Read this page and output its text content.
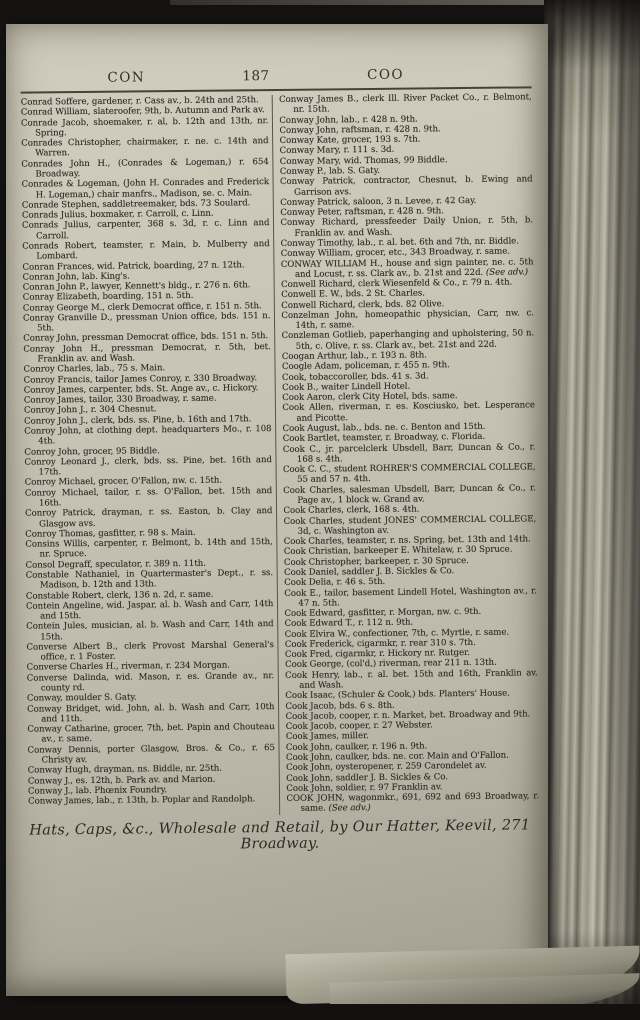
CON	187	COO

Conrad Soffere, gardener, r. Cass av., b. 24th and 25th.

Conrad William, slateroofer, 9th, b. Autumn and Park av.

Conrade Jacob, shoemaker, r. al, b. 12th and 13th, nr. Spring.

Conrades Christopher, chairmaker, r. ne. c. 14th and Warren.

Conrades John H., (Conrades & Logeman,) r. 654 Broadway.

Conrades & Logeman, (John H. Conrades and Frederick H. Logeman,) chair manfrs., Madison, se. c. Main.

Conrade Stephen, saddletreemaker, bds. 73 Soulard.

Conrads Julius, boxmaker, r. Carroll, c. Linn.

Conrads Julius, carpenter, 368 s. 3d, r. c. Linn and Carroll.

Conrads Robert, teamster, r. Main, b. Mulberry and Lombard.

Conran Frances, wid. Patrick, boarding, 27 n. 12th.

Conran John, lab. King's.

Conran John P., lawyer, Kennett's bldg., r. 276 n. 6th.

Conray Elizabeth, boarding, 151 n. 5th.

Conray George M., clerk Democrat office, r. 151 n. 5th.

Conray Granville D., pressman Union office, bds. 151 n. 5th.

Conray John, pressman Democrat office, bds. 151 n. 5th.

Conray John H., pressman Democrat, r. 5th, bet. Franklin av. and Wash.

Conroy Charles, lab., 75 s. Main.

Conroy Francis, tailor James Conroy, r. 330 Broadway.

Conroy James, carpenter, bds. St. Ange av., c. Hickory.

Conroy James, tailor, 330 Broadway, r. same.

Conroy John J., r. 304 Chesnut.

Conroy John J., clerk, bds. ss. Pine, b. 16th and 17th.

Conroy John, at clothing dept. headquarters Mo., r. 108 4th.

Conroy John, grocer, 95 Biddle.

Conroy Leonard J., clerk, bds. ss. Pine, bet. 16th and 17th.

Conroy Michael, grocer, O'Fallon, nw. c. 15th.

Conroy Michael, tailor, r. ss. O'Fallon, bet. 15th and 16th.

Conroy Patrick, drayman, r. ss. Easton, b. Clay and Glasgow avs.

Conroy Thomas, gasfitter, r. 98 s. Main.

Consins Willis, carpenter, r. Belmont, b. 14th and 15th, nr. Spruce.

Consol Degraff, speculator, r. 389 n. 11th.

Constable Nathaniel, in Quartermaster's Dept., r. ss. Madison, b. 12th and 13th.

Constable Robert, clerk, 136 n. 2d, r. same.

Contein Angeline, wid. Jaspar, al. b. Wash and Carr, 14th and 15th.

Contein Jules, musician, al. b. Wash and Carr, 14th and 15th.

Converse Albert B., clerk Provost Marshal General's office, r. 1 Foster.

Converse Charles H., riverman, r. 234 Morgan.

Converse Dalinda, wid. Mason, r. es. Grande av., nr. county rd.

Conway, moulder S. Gaty.

Conway Bridget, wid. John, al. b. Wash and Carr, 10th and 11th.

Conway Catharine, grocer, 7th, bet. Papin and Chouteau av., r. same.

Conway Dennis, porter Glasgow, Bros. & Co., r. 65 Christy av.

Conway Hugh, drayman, ns. Biddle, nr. 25th.

Conway J., es. 12th, b. Park av. and Marion.

Conway J., lab. Phœnix Foundry.

Conway James, lab., r. 13th, b. Poplar and Randolph.

Conway James B., clerk Ill. River Packet Co., r. Belmont, nr. 15th.

Conway John, lab., r. 428 n. 9th.

Conway John, raftsman, r. 428 n. 9th.

Conway Kate, grocer, 193 s. 7th.

Conway Mary, r. 111 s. 3d.

Conway Mary, wid. Thomas, 99 Biddle.

Conway P., lab. S. Gaty.

Conway Patrick, contractor, Chesnut, b. Ewing and Garrison avs.

Conway Patrick, saloon, 3 n. Levee, r. 42 Gay.

Conway Peter, raftsman, r. 428 n. 9th.

Conway Richard, pressfeeder Daily Union, r. 5th, b. Franklin av. and Wash.

Conway Timothy, lab., r. al. bet. 6th and 7th, nr. Biddle.

Conway William, grocer, etc., 343 Broadway, r. same.

CONWAY WILLIAM H., house and sign painter, ne. c. 5th and Locust, r. ss. Clark av., b. 21st and 22d. (See adv.)

Conwell Richard, clerk Wiesenfeld & Co., r. 79 n. 4th.

Conwell E. W., bds. 2 St. Charles.

Conwell Richard, clerk, bds. 82 Olive.

Conzelman John, homeopathic physician, Carr, nw. c. 14th, r. same.

Conzleman Gotlieb, paperhanging and upholstering, 50 n. 5th, c. Olive, r. ss. Clark av., bet. 21st and 22d.

Coogan Arthur, lab., r. 193 n. 8th.

Coogle Adam, policeman, r. 455 n. 9th.

Cook, tobaccoroller, bds. 41 s. 3d.

Cook B., waiter Lindell Hotel.

Cook Aaron, clerk City Hotel, bds. same.

Cook Allen, riverman, r. es. Kosciusko, bet. Lesperance and Picotte.

Cook August, lab., bds. ne. c. Benton and 15th.

Cook Bartlet, teamster, r. Broadway, c. Florida.

Cook C., jr. parcelclerk Ubsdell, Barr, Duncan & Co., r. 168 s. 4th.

Cook C. C., student ROHRER'S COMMERCIAL COLLEGE, 55 and 57 n. 4th.

Cook Charles, salesman Ubsdell, Barr, Duncan & Co., r. Page av., 1 block w. Grand av.

Cook Charles, clerk, 168 s. 4th.

Cook Charles, student JONES' COMMERCIAL COLLEGE, 3d, c. Washington av.

Cook Charles, teamster, r. ns. Spring, bet. 13th and 14th.

Cook Christian, barkeeper E. Whitelaw, r. 30 Spruce.

Cook Christopher, barkeeper, r. 30 Spruce.

Cook Daniel, saddler J. B. Sickles & Co.

Cook Delia, r. 46 s. 5th.

Cook E., tailor, basement Lindell Hotel, Washington av., r. 47 n. 5th.

Cook Edward, gasfitter, r. Morgan, nw. c. 9th.

Cook Edward T., r. 112 n. 9th.

Cook Elvira W., confectioner, 7th, c. Myrtle, r. same.

Cook Frederick, cigarmkr, r. rear 310 s. 7th.

Cook Fred, cigarmkr, r. Hickory nr. Rutger.

Cook George, (col'd,) riverman, rear 211 n. 13th.

Cook Henry, lab., r. al. bet. 15th and 16th, Franklin av. and Wash.

Cook Isaac, (Schuler & Cook,) bds. Planters' House.

Cook Jacob, bds. 6 s. 8th.

Cook Jacob, cooper, r. n. Market, bet. Broadway and 9th.

Cook Jacob, cooper, r. 27 Webster.

Cook James, miller.

Cook John, caulker, r. 196 n. 9th.

Cook John, caulker, bds. ne. cor. Main and O'Fallon.

Cook John, oysteropener, r. 259 Carondelet av.

Cook John, saddler J. B. Sickles & Co.

Cook John, soldier, r. 97 Franklin av.

COOK JOHN, wagonmkr., 691, 692 and 693 Broadway, r. same. (See adv.)

Hats, Caps, &c., Wholesale and Retail, by Our Hatter, Keevil, 271 Broadway.
